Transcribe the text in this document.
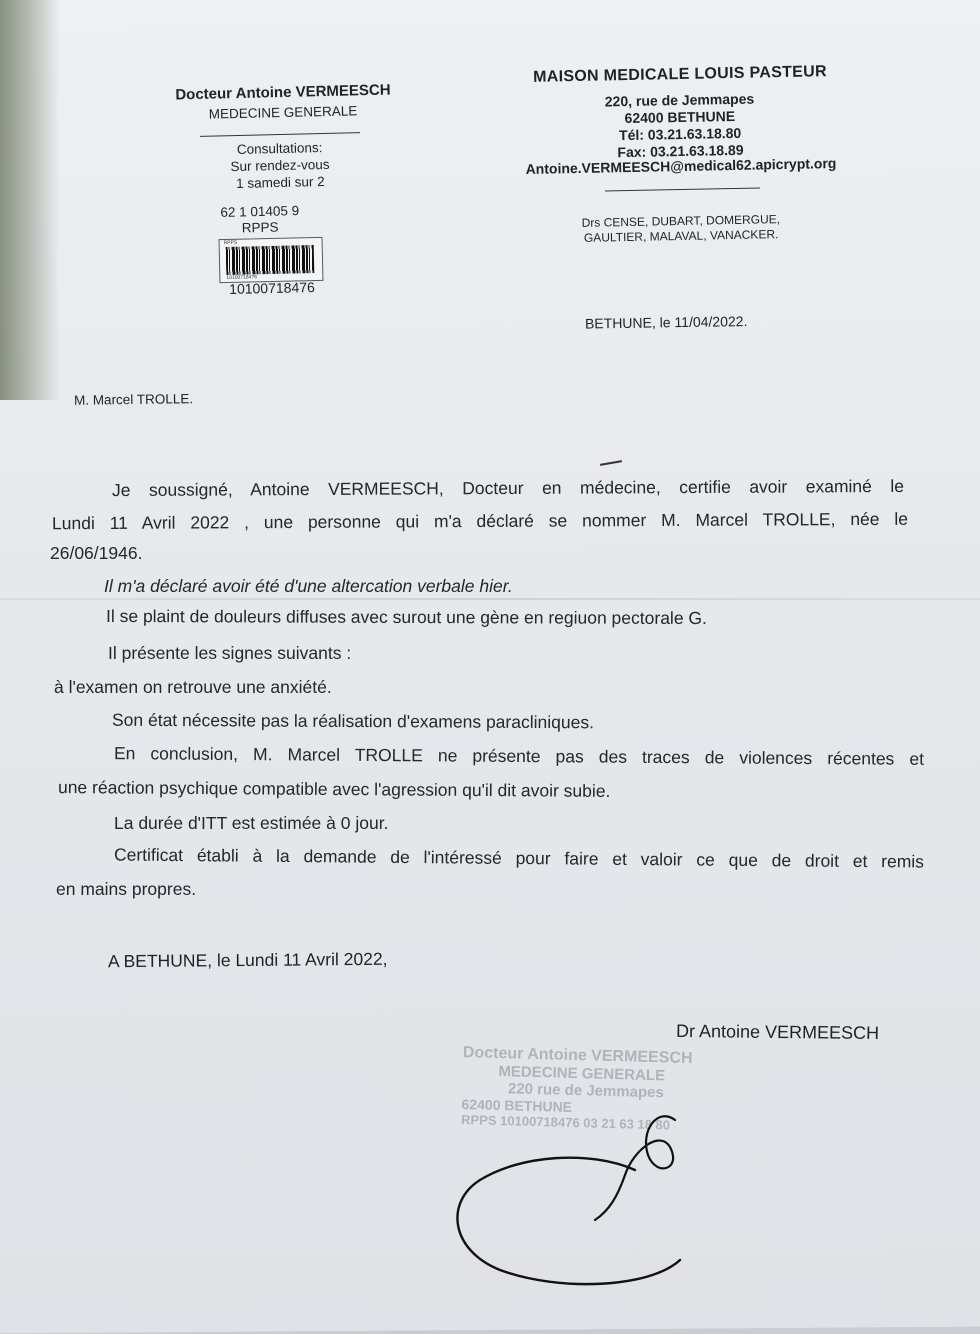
Docteur Antoine VERMEESCH
MEDECINE GENERALE
Consultations:
Sur rendez-vous
1 samedi sur 2
62 1 01405 9
RPPS
RPPS
10100718476
10100718476
MAISON MEDICALE LOUIS PASTEUR
220, rue de Jemmapes
62400 BETHUNE
Tél: 03.21.63.18.80
Fax: 03.21.63.18.89
Antoine.VERMEESCH@medical62.apicrypt.org
Drs CENSE, DUBART, DOMERGUE,
GAULTIER, MALAVAL, VANACKER.
BETHUNE, le 11/04/2022.
M. Marcel TROLLE.
Je soussigné, Antoine VERMEESCH, Docteur en médecine, certifie avoir examiné le
Lundi 11 Avril 2022 , une personne qui m'a déclaré se nommer M. Marcel TROLLE, née le
26/06/1946.
Il m'a déclaré avoir été d'une altercation verbale hier.
Il se plaint de douleurs diffuses avec surout une gène en regiuon pectorale G.
Il présente les signes suivants :
à l'examen on retrouve une anxiété.
Son état nécessite pas la réalisation d'examens paracliniques.
En conclusion, M. Marcel TROLLE ne présente pas des traces de violences récentes et
une réaction psychique compatible avec l'agression qu'il dit avoir subie.
La durée d'ITT est estimée à 0 jour.
Certificat établi à la demande de l'intéressé pour faire et valoir ce que de droit et remis
en mains propres.
A BETHUNE, le Lundi 11 Avril 2022,
Dr Antoine VERMEESCH
Docteur Antoine VERMEESCH
MEDECINE GENERALE
220 rue de Jemmapes
62400 BETHUNE
RPPS 10100718476 03 21 63 18 80
